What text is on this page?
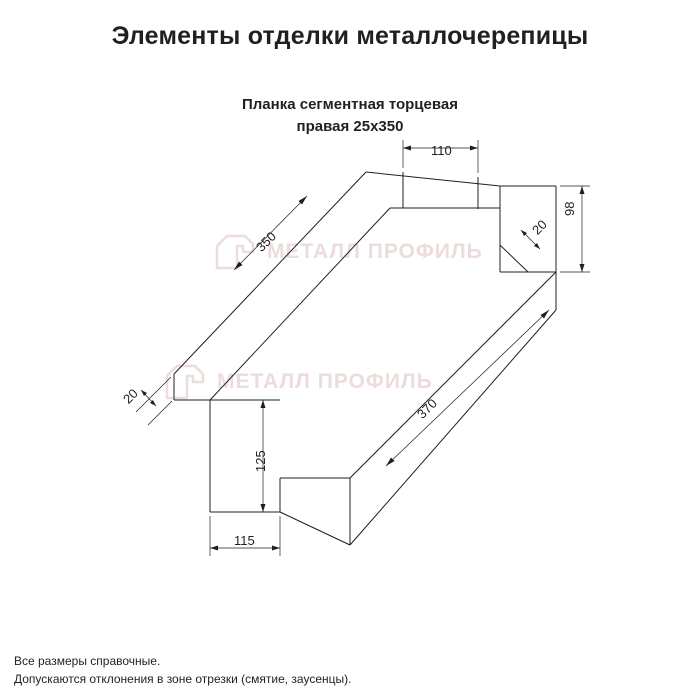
Элементы отделки металлочерепицы
Планка сегментная торцевая
правая 25х350
МЕТАЛЛ ПРОФИЛЬ
МЕТАЛЛ ПРОФИЛЬ
110
350
98
20
20	370
125
115
Все размеры справочные.
Допускаются отклонения в зоне отрезки (смятие, заусенцы).
